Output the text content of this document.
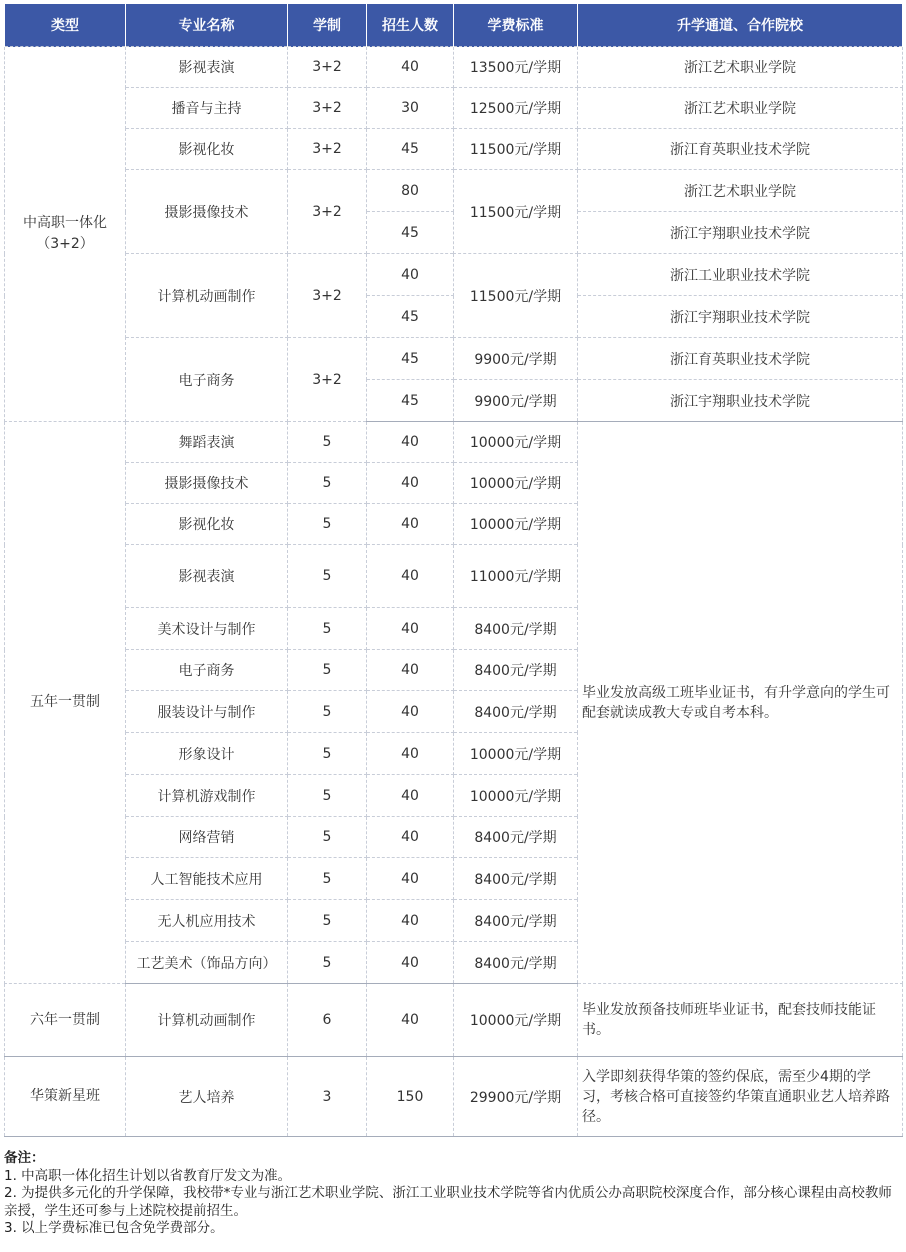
类型	专业名称	学制	招生人数	学费标准	升学通道、合作院校
中高职一体化
（3+2）	影视表演	3+2	40	13500元/学期	浙江艺术职业学院
	播音与主持	3+2	30	12500元/学期	浙江艺术职业学院
	影视化妆	3+2	45	11500元/学期	浙江育英职业技术学院
	摄影摄像技术	3+2	80	11500元/学期	浙江艺术职业学院
			45		浙江宇翔职业技术学院
	计算机动画制作	3+2	40	11500元/学期	浙江工业职业技术学院
			45		浙江宇翔职业技术学院
	电子商务	3+2	45	9900元/学期	浙江育英职业技术学院
			45	9900元/学期	浙江宇翔职业技术学院
五年一贯制	舞蹈表演	5	40	10000元/学期	毕业发放高级工班毕业证书，有升学意向的学生可配套就读成教大专或自考本科。
	摄影摄像技术	5	40	10000元/学期	
	影视化妆	5	40	10000元/学期	
	影视表演	5	40	11000元/学期	
	美术设计与制作	5	40	8400元/学期	
	电子商务	5	40	8400元/学期	
	服装设计与制作	5	40	8400元/学期	
	形象设计	5	40	10000元/学期	
	计算机游戏制作	5	40	10000元/学期	
	网络营销	5	40	8400元/学期	
	人工智能技术应用	5	40	8400元/学期	
	无人机应用技术	5	40	8400元/学期	
	工艺美术（饰品方向）	5	40	8400元/学期	
六年一贯制	计算机动画制作	6	40	10000元/学期	毕业发放预备技师班毕业证书，配套技师技能证书。
华策新星班	艺人培养	3	150	29900元/学期	入学即刻获得华策的签约保底，需至少4期的学习，考核合格可直接签约华策直通职业艺人培养路径。

备注：

1. 中高职一体化招生计划以省教育厅发文为准。

2. 为提供多元化的升学保障，我校带*专业与浙江艺术职业学院、浙江工业职业技术学院等省内优质公办高职院校深度合作，部分核心课程由高校教师亲授，学生还可参与上述院校提前招生。

3. 以上学费标准已包含免学费部分。
